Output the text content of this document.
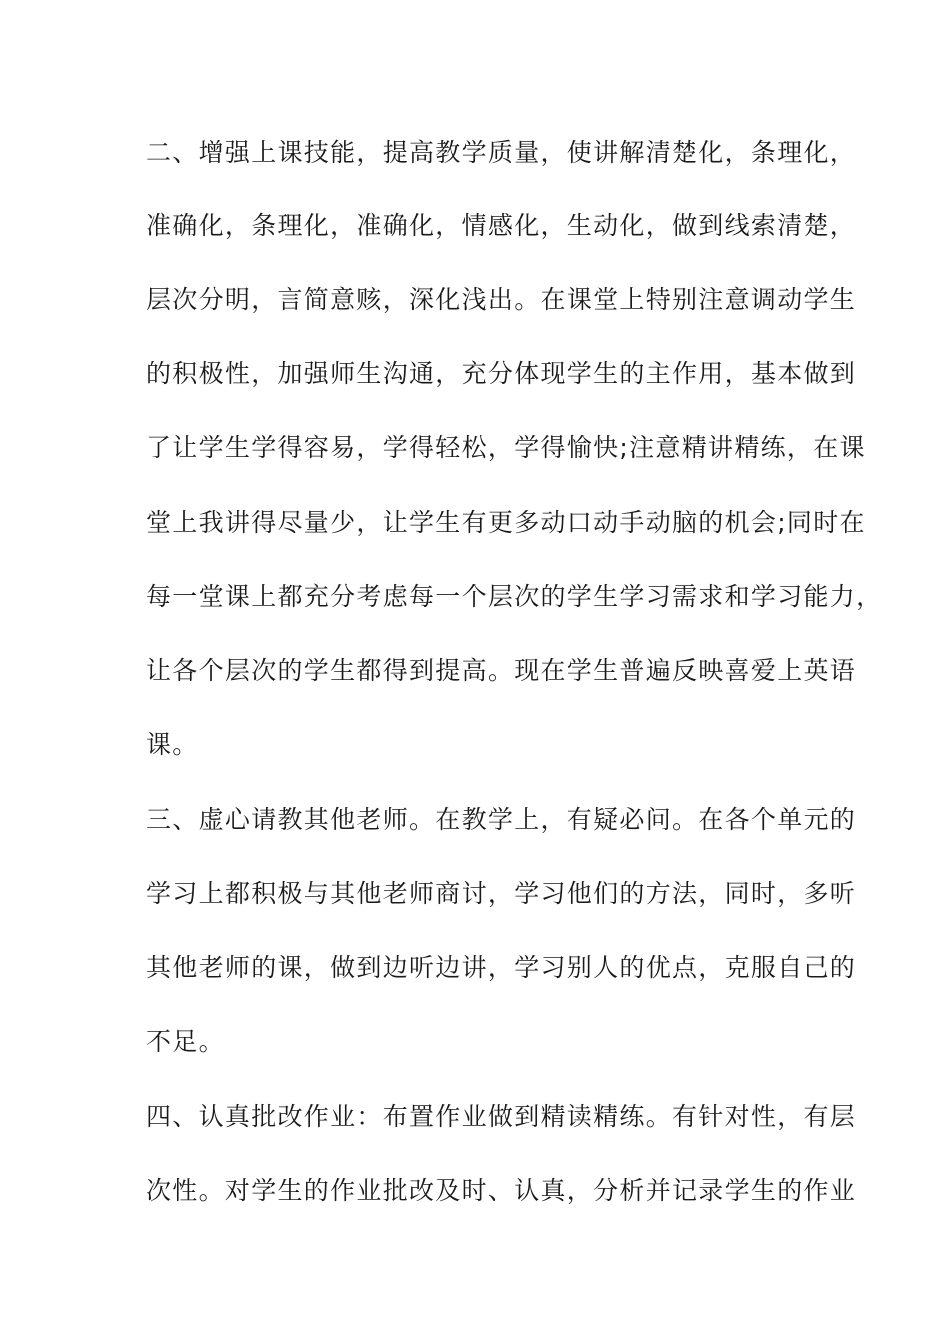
二、增强上课技能，提高教学质量，使讲解清楚化，条理化，
准确化，条理化，准确化，情感化，生动化，做到线索清楚，
层次分明，言简意赅，深化浅出。在课堂上特别注意调动学生
的积极性，加强师生沟通，充分体现学生的主作用，基本做到
了让学生学得容易，学得轻松，学得愉快;注意精讲精练，在课
堂上我讲得尽量少，让学生有更多动口动手动脑的机会;同时在
每一堂课上都充分考虑每一个层次的学生学习需求和学习能力，
让各个层次的学生都得到提高。现在学生普遍反映喜爱上英语
课。
三、虚心请教其他老师。在教学上，有疑必问。在各个单元的
学习上都积极与其他老师商讨，学习他们的方法，同时，多听
其他老师的课，做到边听边讲，学习别人的优点，克服自己的
不足。
四、认真批改作业：布置作业做到精读精练。有针对性，有层
次性。对学生的作业批改及时、认真，分析并记录学生的作业
